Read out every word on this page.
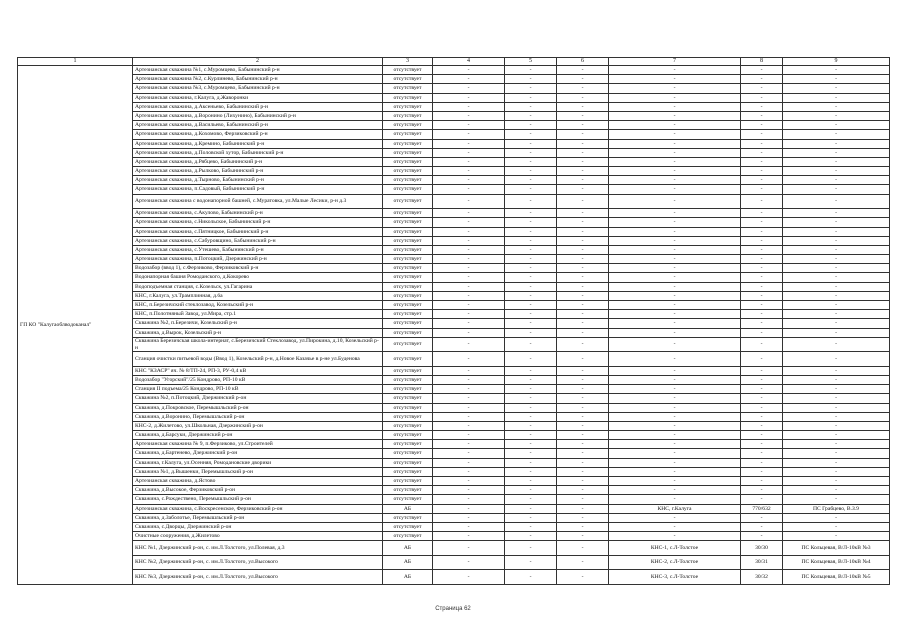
1	2	3	4	5	6	7	8	9
ГП КО "Калугаоблводоканал"	Артезианская скважина №1, с.Муромцево, Бабынинский р-н	отсутствует	-	-	-	-	-	-
	Артезианская скважина №2, с.Курлинево, Бабынинский р-н	отсутствует	-	-	-	-	-	-
	Артезианская скважина №3, с.Муромцево, Бабынинский р-н	отсутствует	-	-	-	-	-	-
	Артезианская скважина, г.Калуга, д.Жаворонки	отсутствует	-	-	-	-	-	-
	Артезианская скважина, д.Аксеньево, Бабынинский р-н	отсутствует	-	-	-	-	-	-
	Артезианская скважина, д.Воронино (Лихунино), Бабынинский р-н	отсутствует	-	-	-	-	-	-
	Артезианская скважина, д.Васильево, Бабынинский р-н	отсутствует	-	-	-	-	-	-
	Артезианская скважина, д.Кохомово, Ферзиковский р-н	отсутствует	-	-	-	-	-	-
	Артезианская скважина, д.Кремино, Бабынинский р-н	отсутствует	-	-	-	-	-	-
	Артезианская скважина, д.Половской хутор, Бабынинский р-н	отсутствует	-	-	-	-	-	-
	Артезианская скважина, д.Рябцево, Бабынинский р-н	отсутствует	-	-	-	-	-	-
	Артезианская скважина, д.Рылково, Бабынинский р-н	отсутствует	-	-	-	-	-	-
	Артезианская скважина, д.Тырново, Бабынинский р-н	отсутствует	-	-	-	-	-	-
	Артезианская скважина, п.Садовый, Бабынинский р-н	отсутствует	-	-	-	-	-	-
	Артезианская скважина с водонапорной башней, с.Муратовка, ул.Малые Лесики, р-н д.3	отсутствует	-	-	-	-	-	-
	Артезианская скважина, с.Акулово, Бабынинский р-н	отсутствует	-	-	-	-	-	-
	Артезианская скважина, с.Никольское, Бабынинский р-н	отсутствует	-	-	-	-	-	-
	Артезианская скважина, с.Пятницкое, Бабынинский р-н	отсутствует	-	-	-	-	-	-
	Артезианская скважина, с.Сабуровщино, Бабынинский р-н	отсутствует	-	-	-	-	-	-
	Артезианская скважина, с.Утешево, Бабынинский р-н	отсутствует	-	-	-	-	-	-
	Артезианская скважина, п.Потоцкий, Дзержинский р-н	отсутствует	-	-	-	-	-	-
	Водозабор (ввод 1), с.Ферзиково, Ферзиковский р-н	отсутствует	-	-	-	-	-	-
	Водонапорная башня Ромоданского, д.Кокорево	отсутствует	-	-	-	-	-	-
	Водоподъемная станция, с.Козельск, ул.Гагарина	отсутствует	-	-	-	-	-	-
	КНС, г.Калуга, ул.Трамплинная, д.6а	отсутствует	-	-	-	-	-	-
	КНС, п.Березичский стеклозавод, Козельский р-н	отсутствует	-	-	-	-	-	-
	КНС, п.Полотняный Завод, ул.Мира, стр.1	отсутствует	-	-	-	-	-	-
	Скважина №2, п.Березичи, Козельский р-н	отсутствует	-	-	-	-	-	-
	Скважина, д.Вырок, Козельский р-н	отсутствует	-	-	-	-	-	-
	Скважина Березичская школа-интернат, с.Березичский Стеклозавод, ул.Пирокина, д.10, Козельский р-н	отсутствует	-	-	-	-	-	-
	Станция очистки питьевой воды (Ввод 1), Козельский р-н, д.Новое Казачье в р-не ул.Буденова	отсутствует	-	-	-	-	-	-
	КНС "КЗАСР" яч. № 8/ТП-24, РП-3, РУ-0,4 кВ	отсутствует	-	-	-	-	-	-
	Водозабор "Угорский"/25 Кондрово, РП-10 кВ	отсутствует	-	-	-	-	-	-
	Станция II подъема/25 Кондрово, РП-10 кВ	отсутствует	-	-	-	-	-	-
	Скважина №2, п.Потоцкий, Дзержинский р-он	отсутствует	-	-	-	-	-	-
	Скважина, д.Покровское, Перемышльский р-он	отсутствует	-	-	-	-	-	-
	Скважина, д.Воронино, Перемышльский р-он	отсутствует	-	-	-	-	-	-
	КНС-2, д.Жилетово, ул.Школьная, Дзержинский р-он	отсутствует	-	-	-	-	-	-
	Скважина, д.Барсуки, Дзержинский р-он	отсутствует	-	-	-	-	-	-
	Артезианская скважина № 9, п.Ферзиково, ул.Строителей	отсутствует	-	-	-	-	-	-
	Скважина, д.Бартенево, Дзержинский р-он	отсутствует	-	-	-	-	-	-
	Скважина, г.Калуга, ул.Осенняя, Ромодановские дворики	отсутствует	-	-	-	-	-	-
	Скважина №1, д.Вышенки, Перемышльский р-он	отсутствует	-	-	-	-	-	-
	Артезианская скважина, д.Ястово	отсутствует	-	-	-	-	-	-
	Скважина, д.Высокое, Ферзиковский р-он	отсутствует	-	-	-	-	-	-
	Скважина, с.Рождествено, Перемышльский р-он	отсутствует	-	-	-	-	-	-
	Артезианская скважина, с.Воскресенское, Ферзиковский р-он	АБ	-	-	-	КНС, г.Калуга	770/632	ПС Грабцево, В.З.9
	Скважина, д.Заболотье, Перемышльский р-он	отсутствует	-	-	-	-	-	-
	Скважина, с.Дворцы, Дзержинский р-он	отсутствует	-	-	-	-	-	-
	Очистные сооружения, д.Жилетово	отсутствует	-	-	-	-	-	-
	КНС №1, Дзержинский р-он, с. им.Л.Толстого, ул.Полевая, д.3	АБ	-	-	-	КНС-1, с.Л-Толстое	30/30	ПС Кольцевая, В/Л-10кВ №3
	КНС №2, Дзержинский р-он, с. им.Л.Толстого, ул.Высокого	АБ	-	-	-	КНС-2, с.Л-Толстое	30/31	ПС Кольцевая, В/Л-10кВ №4
	КНС №3, Дзержинский р-он, с. им.Л.Толстого, ул.Высокого	АБ	-	-	-	КНС-3, с.Л-Толстое	30/32	ПС Кольцевая, В/Л-10кВ №5
Страница 62
